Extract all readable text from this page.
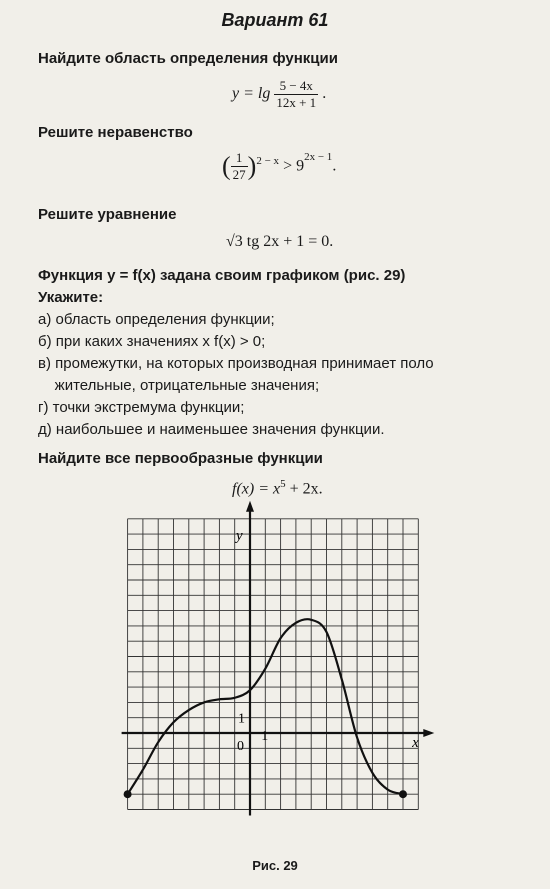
Вариант 61
Найдите область определения функции
$y = \lg \frac{5 - 4x}{12x + 1}$ .
Решите неравенство
( $\frac{1}{27} )^{2 - x} > 9^{2x - 1}$.
Решите уравнение
√3 tg 2x + 1 = 0.
Функция y = f(x) задана своим графиком (рис. 29)
Укажите:
а) область определения функции;
б) при каких значениях x f(x) > 0;
в) промежутки, на которых производная принимает поло
жительные, отрицательные значения;
г) точки экстремума функции;
д) наибольшее и наименьшее значения функции.
Найдите все первообразные функции
$f(x) = x^5 + 2x$.
y
x
0
1
1
Рис. 29
